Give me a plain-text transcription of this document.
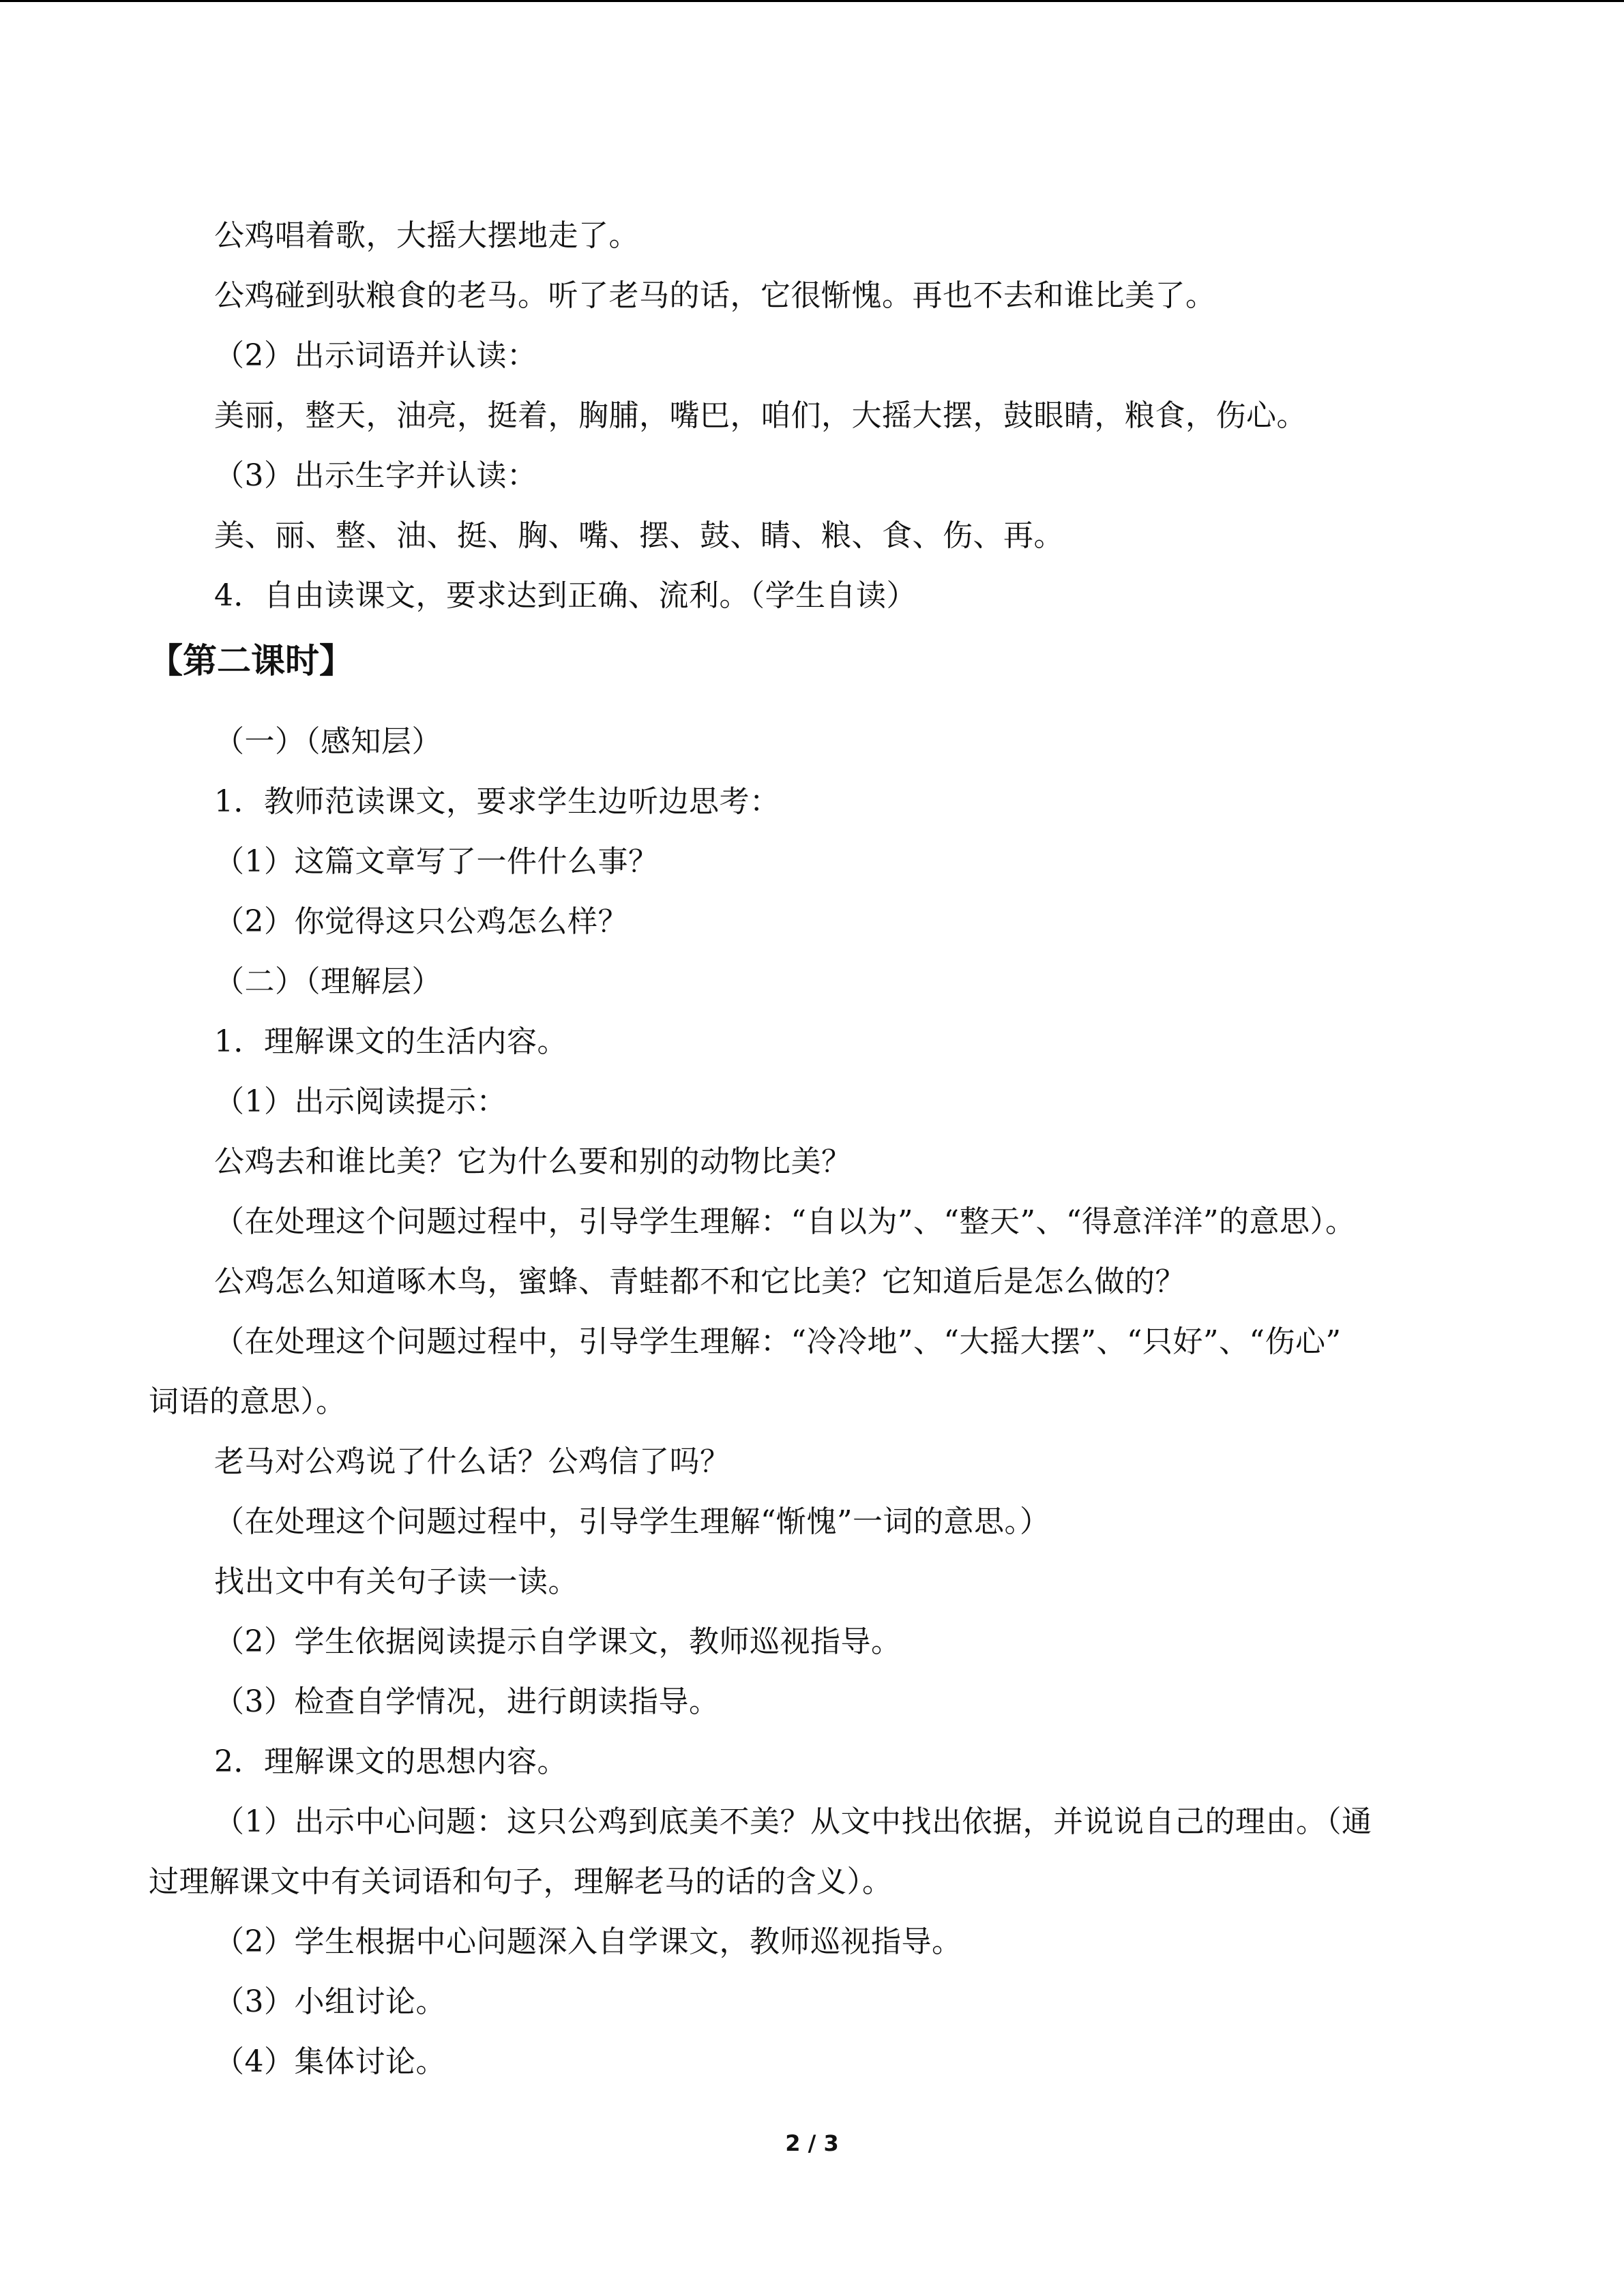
公鸡唱着歌，大摇大摆地走了。
公鸡碰到驮粮食的老马。听了老马的话，它很惭愧。再也不去和谁比美了。
（2）出示词语并认读：
美丽，整天，油亮，挺着，胸脯，嘴巴，咱们，大摇大摆，鼓眼睛，粮食，伤心。
（3）出示生字并认读：
美、丽、整、油、挺、胸、嘴、摆、鼓、睛、粮、食、伤、再。
4．自由读课文，要求达到正确、流利。（学生自读）
【第二课时】
（一）（感知层）
1．教师范读课文，要求学生边听边思考：
（1）这篇文章写了一件什么事？
（2）你觉得这只公鸡怎么样？
（二）（理解层）
1．理解课文的生活内容。
（1）出示阅读提示：
公鸡去和谁比美？它为什么要和别的动物比美？
（在处理这个问题过程中，引导学生理解：“自以为”、“整天”、“得意洋洋”的意思）。
公鸡怎么知道啄木鸟，蜜蜂、青蛙都不和它比美？它知道后是怎么做的？
（在处理这个问题过程中，引导学生理解：“冷冷地”、“大摇大摆”、“只好”、“伤心”
词语的意思）。
老马对公鸡说了什么话？公鸡信了吗？
（在处理这个问题过程中，引导学生理解“惭愧”一词的意思。）
找出文中有关句子读一读。
（2）学生依据阅读提示自学课文，教师巡视指导。
（3）检查自学情况，进行朗读指导。
2．理解课文的思想内容。
（1）出示中心问题：这只公鸡到底美不美？从文中找出依据，并说说自己的理由。（通
过理解课文中有关词语和句子，理解老马的话的含义）。
（2）学生根据中心问题深入自学课文，教师巡视指导。
（3）小组讨论。
（4）集体讨论。
2 / 3
